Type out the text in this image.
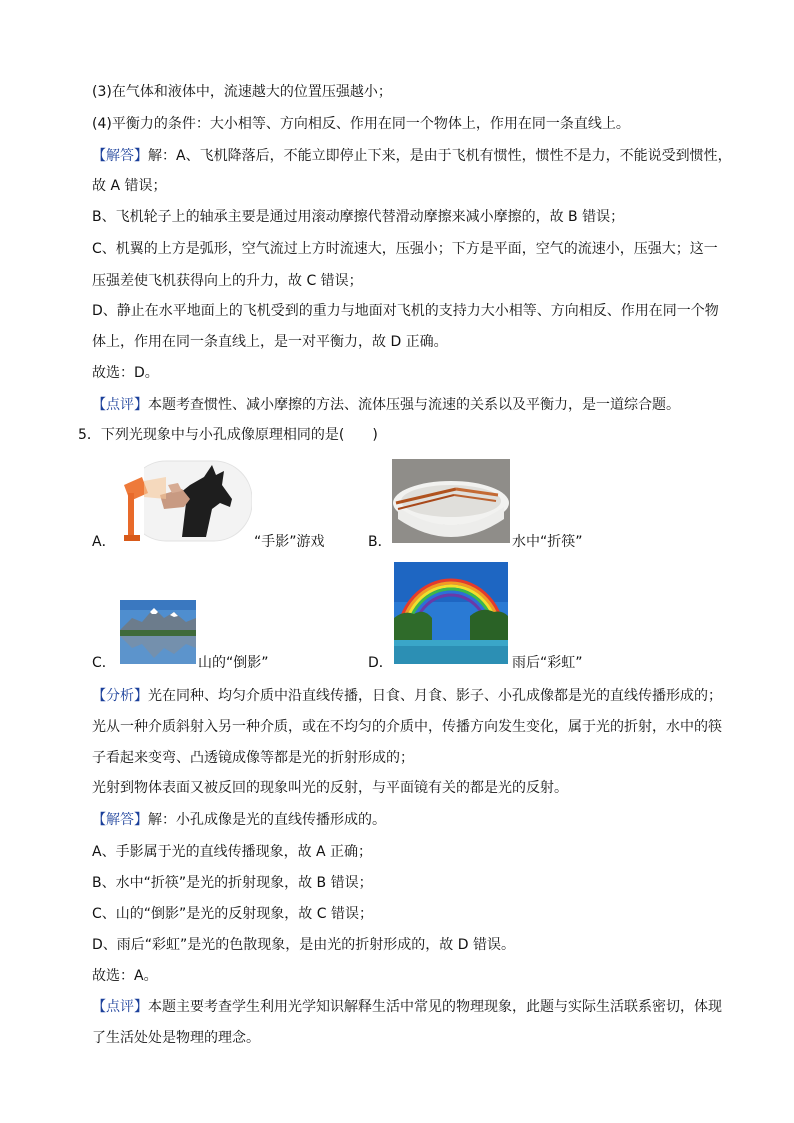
(3)在气体和液体中，流速越大的位置压强越小；
(4)平衡力的条件：大小相等、方向相反、作用在同一个物体上，作用在同一条直线上。
【解答】解：A、飞机降落后，不能立即停止下来，是由于飞机有惯性，惯性不是力，不能说受到惯性，
故 A 错误；
B、飞机轮子上的轴承主要是通过用滚动摩擦代替滑动摩擦来减小摩擦的，故 B 错误；
C、机翼的上方是弧形，空气流过上方时流速大，压强小；下方是平面，空气的流速小，压强大；这一
压强差使飞机获得向上的升力，故 C 错误；
D、静止在水平地面上的飞机受到的重力与地面对飞机的支持力大小相等、方向相反、作用在同一个物
体上，作用在同一条直线上，是一对平衡力，故 D 正确。
故选：D。
【点评】本题考查惯性、减小摩擦的方法、流体压强与流速的关系以及平衡力，是一道综合题。
5．下列光现象中与小孔成像原理相同的是(　　)
A．	“手影”游戏	B．	水中“折筷”
C．	山的“倒影”	D．	雨后“彩虹”
【分析】光在同种、均匀介质中沿直线传播，日食、月食、影子、小孔成像都是光的直线传播形成的；
光从一种介质斜射入另一种介质，或在不均匀的介质中，传播方向发生变化，属于光的折射，水中的筷
子看起来变弯、凸透镜成像等都是光的折射形成的；
光射到物体表面又被反回的现象叫光的反射，与平面镜有关的都是光的反射。
【解答】解：小孔成像是光的直线传播形成的。
A、手影属于光的直线传播现象，故 A 正确；
B、水中“折筷”是光的折射现象，故 B 错误；
C、山的“倒影”是光的反射现象，故 C 错误；
D、雨后“彩虹”是光的色散现象，是由光的折射形成的，故 D 错误。
故选：A。
【点评】本题主要考查学生利用光学知识解释生活中常见的物理现象，此题与实际生活联系密切，体现
了生活处处是物理的理念。
